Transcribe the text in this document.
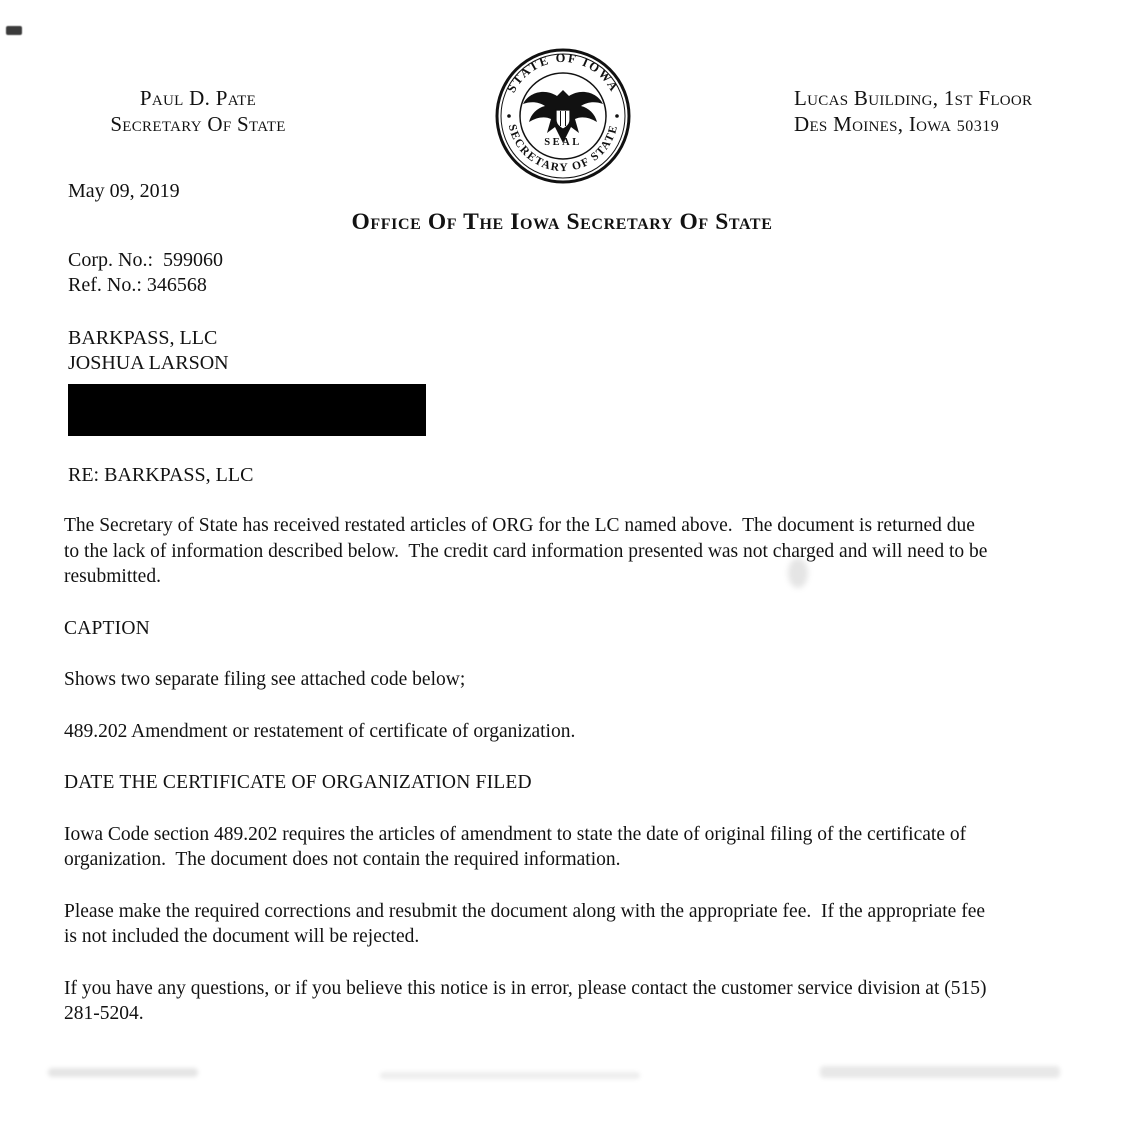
Paul D. Pate
Secretary Of State
STATE OF IOWA
SECRETARY OF STATE
SEAL
Lucas Building, 1st Floor
Des Moines, Iowa 50319
May 09, 2019
Office Of The Iowa Secretary Of State
Corp. No.:  599060
Ref. No.: 346568
BARKPASS, LLC
JOSHUA LARSON
RE: BARKPASS, LLC
The Secretary of State has received restated articles of ORG for the LC named above.  The document is returned due to the lack of information described below.  The credit card information presented was not charged and will need to be resubmitted.
CAPTION
Shows two separate filing see attached code below;
489.202 Amendment or restatement of certificate of organization.
DATE THE CERTIFICATE OF ORGANIZATION FILED
Iowa Code section 489.202 requires the articles of amendment to state the date of original filing of the certificate of organization.  The document does not contain the required information.
Please make the required corrections and resubmit the document along with the appropriate fee.  If the appropriate fee is not included the document will be rejected.
If you have any questions, or if you believe this notice is in error, please contact the customer service division at (515) 281-5204.
